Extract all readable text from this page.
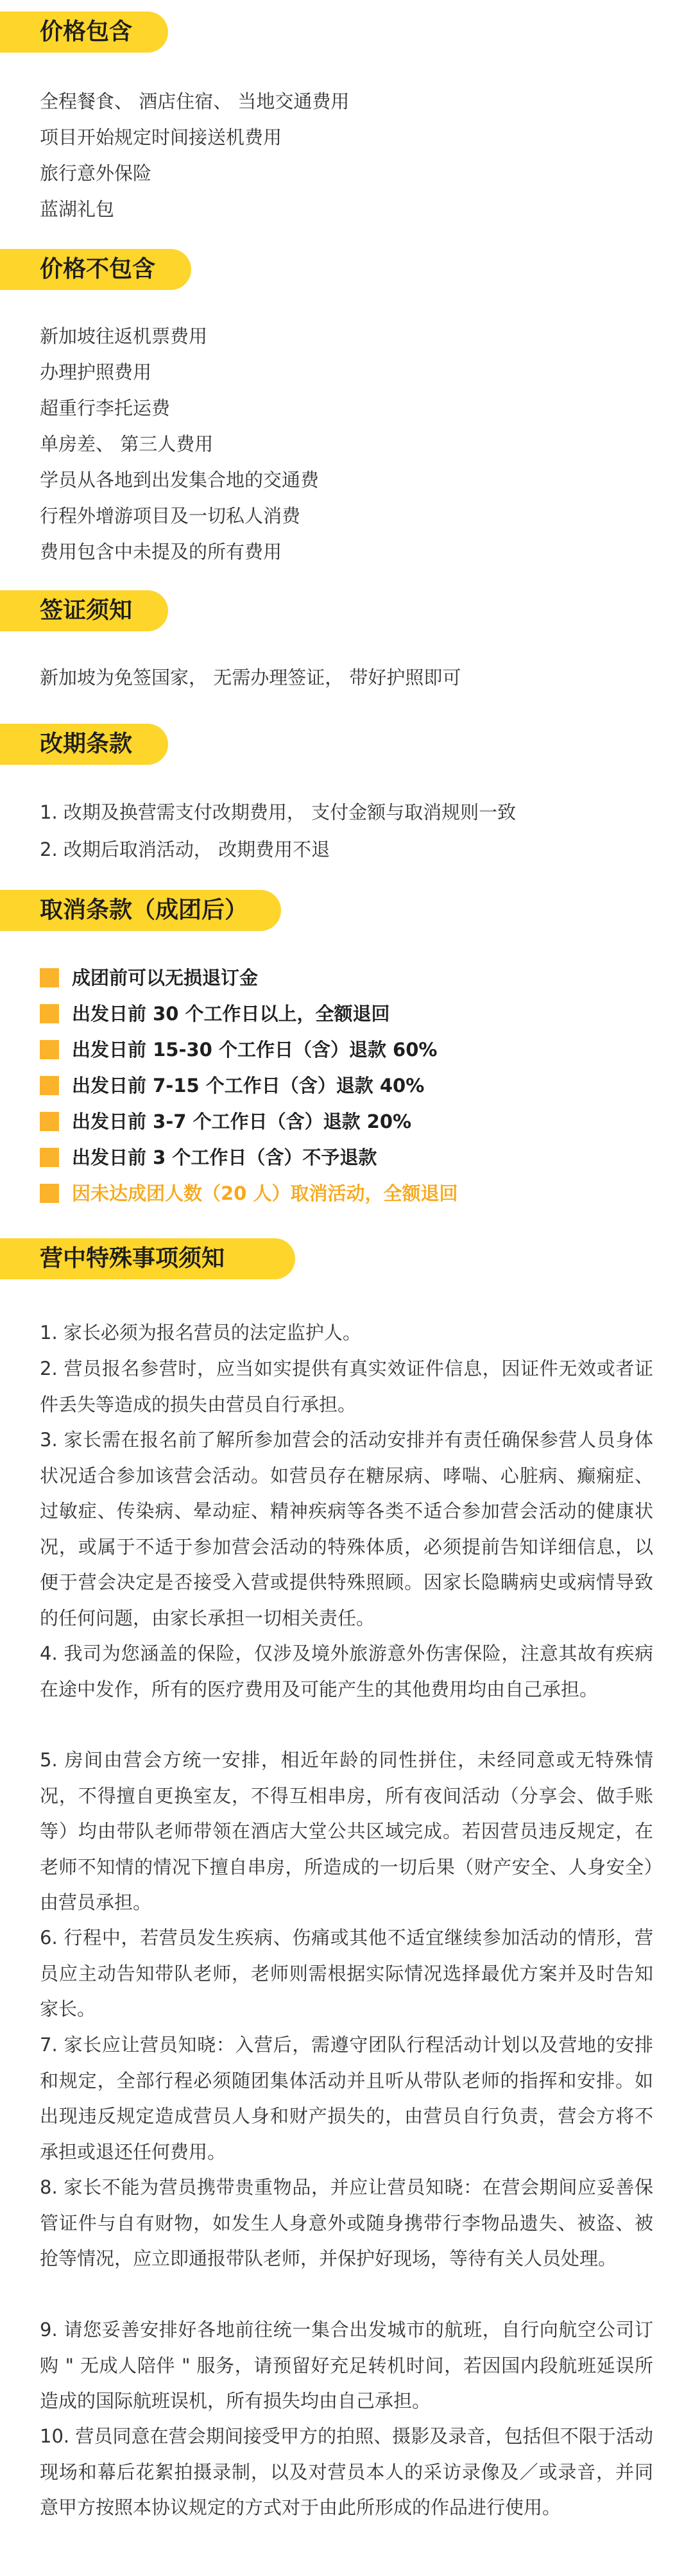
价格包含
全程餐食、 酒店住宿、 当地交通费用
项目开始规定时间接送机费用
旅行意外保险
蓝湖礼包
价格不包含
新加坡往返机票费用
办理护照费用
超重行李托运费
单房差、 第三人费用
学员从各地到出发集合地的交通费
行程外增游项目及一切私人消费
费用包含中未提及的所有费用
签证须知
新加坡为免签国家， 无需办理签证， 带好护照即可
改期条款
1. 改期及换营需支付改期费用， 支付金额与取消规则一致
2. 改期后取消活动， 改期费用不退
取消条款（成团后）
成团前可以无损退订金
出发日前 30 个工作日以上，全额退回
出发日前 15-30 个工作日（含）退款 60%
出发日前 7-15 个工作日（含）退款 40%
出发日前 3-7 个工作日（含）退款 20%
出发日前 3 个工作日（含）不予退款
因未达成团人数（20 人）取消活动，全额退回
营中特殊事项须知
1. 家长必须为报名营员的法定监护人。
2. 营员报名参营时，应当如实提供有真实效证件信息，因证件无效或者证件丢失等造成的损失由营员自行承担。
3. 家长需在报名前了解所参加营会的活动安排并有责任确保参营人员身体状况适合参加该营会活动。如营员存在糖尿病、哮喘、心脏病、癫痫症、过敏症、传染病、晕动症、精神疾病等各类不适合参加营会活动的健康状况，或属于不适于参加营会活动的特殊体质，必须提前告知详细信息，以便于营会决定是否接受入营或提供特殊照顾。因家长隐瞒病史或病情导致的任何问题，由家长承担一切相关责任。
4. 我司为您涵盖的保险，仅涉及境外旅游意外伤害保险，注意其故有疾病在途中发作，所有的医疗费用及可能产生的其他费用均由自己承担。
5. 房间由营会方统一安排，相近年龄的同性拼住，未经同意或无特殊情况，不得擅自更换室友，不得互相串房，所有夜间活动（分享会、做手账等）均由带队老师带领在酒店大堂公共区域完成。若因营员违反规定，在老师不知情的情况下擅自串房，所造成的一切后果（财产安全、人身安全）由营员承担。
6. 行程中，若营员发生疾病、伤痛或其他不适宜继续参加活动的情形，营员应主动告知带队老师，老师则需根据实际情况选择最优方案并及时告知家长。
7. 家长应让营员知晓：入营后，需遵守团队行程活动计划以及营地的安排和规定，全部行程必须随团集体活动并且听从带队老师的指挥和安排。如出现违反规定造成营员人身和财产损失的，由营员自行负责，营会方将不承担或退还任何费用。
8. 家长不能为营员携带贵重物品，并应让营员知晓：在营会期间应妥善保管证件与自有财物，如发生人身意外或随身携带行李物品遗失、被盗、被抢等情况，应立即通报带队老师，并保护好现场，等待有关人员处理。
9. 请您妥善安排好各地前往统一集合出发城市的航班，自行向航空公司订购 " 无成人陪伴 " 服务，请预留好充足转机时间，若因国内段航班延误所造成的国际航班误机，所有损失均由自己承担。
10. 营员同意在营会期间接受甲方的拍照、摄影及录音，包括但不限于活动现场和幕后花絮拍摄录制，以及对营员本人的采访录像及／或录音，并同意甲方按照本协议规定的方式对于由此所形成的作品进行使用。
